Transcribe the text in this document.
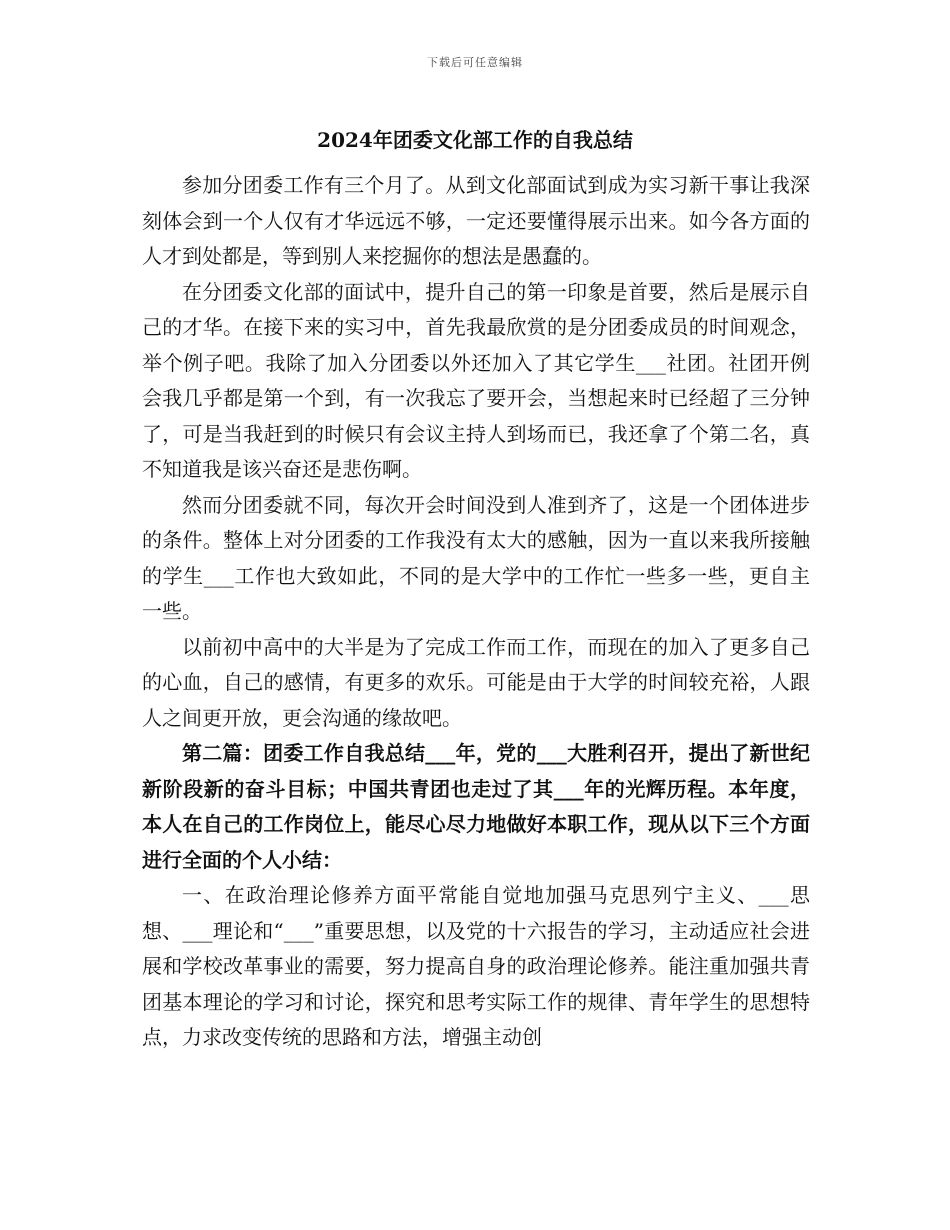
下载后可任意编辑
2024年团委文化部工作的自我总结

参加分团委工作有三个月了。从到文化部面试到成为实习新干事让我深刻体会到一个人仅有才华远远不够，一定还要懂得展示出来。如今各方面的人才到处都是，等到别人来挖掘你的想法是愚蠢的。

在分团委文化部的面试中，提升自己的第一印象是首要，然后是展示自己的才华。在接下来的实习中，首先我最欣赏的是分团委成员的时间观念，举个例子吧。我除了加入分团委以外还加入了其它学生___社团。社团开例会我几乎都是第一个到，有一次我忘了要开会，当想起来时已经超了三分钟了，可是当我赶到的时候只有会议主持人到场而已，我还拿了个第二名，真不知道我是该兴奋还是悲伤啊。

然而分团委就不同，每次开会时间没到人准到齐了，这是一个团体进步的条件。整体上对分团委的工作我没有太大的感触，因为一直以来我所接触的学生___工作也大致如此，不同的是大学中的工作忙一些多一些，更自主一些。

以前初中高中的大半是为了完成工作而工作，而现在的加入了更多自己的心血，自己的感情，有更多的欢乐。可能是由于大学的时间较充裕，人跟人之间更开放，更会沟通的缘故吧。

第二篇：团委工作自我总结___年，党的___大胜利召开，提出了新世纪新阶段新的奋斗目标；中国共青团也走过了其___年的光辉历程。本年度，本人在自己的工作岗位上，能尽心尽力地做好本职工作，现从以下三个方面进行全面的个人小结：

一、在政治理论修养方面平常能自觉地加强马克思列宁主义、___思想、___理论和“___”重要思想，以及党的十六报告的学习，主动适应社会进展和学校改革事业的需要，努力提高自身的政治理论修养。能注重加强共青团基本理论的学习和讨论，探究和思考实际工作的规律、青年学生的思想特点，力求改变传统的思路和方法，增强主动创
